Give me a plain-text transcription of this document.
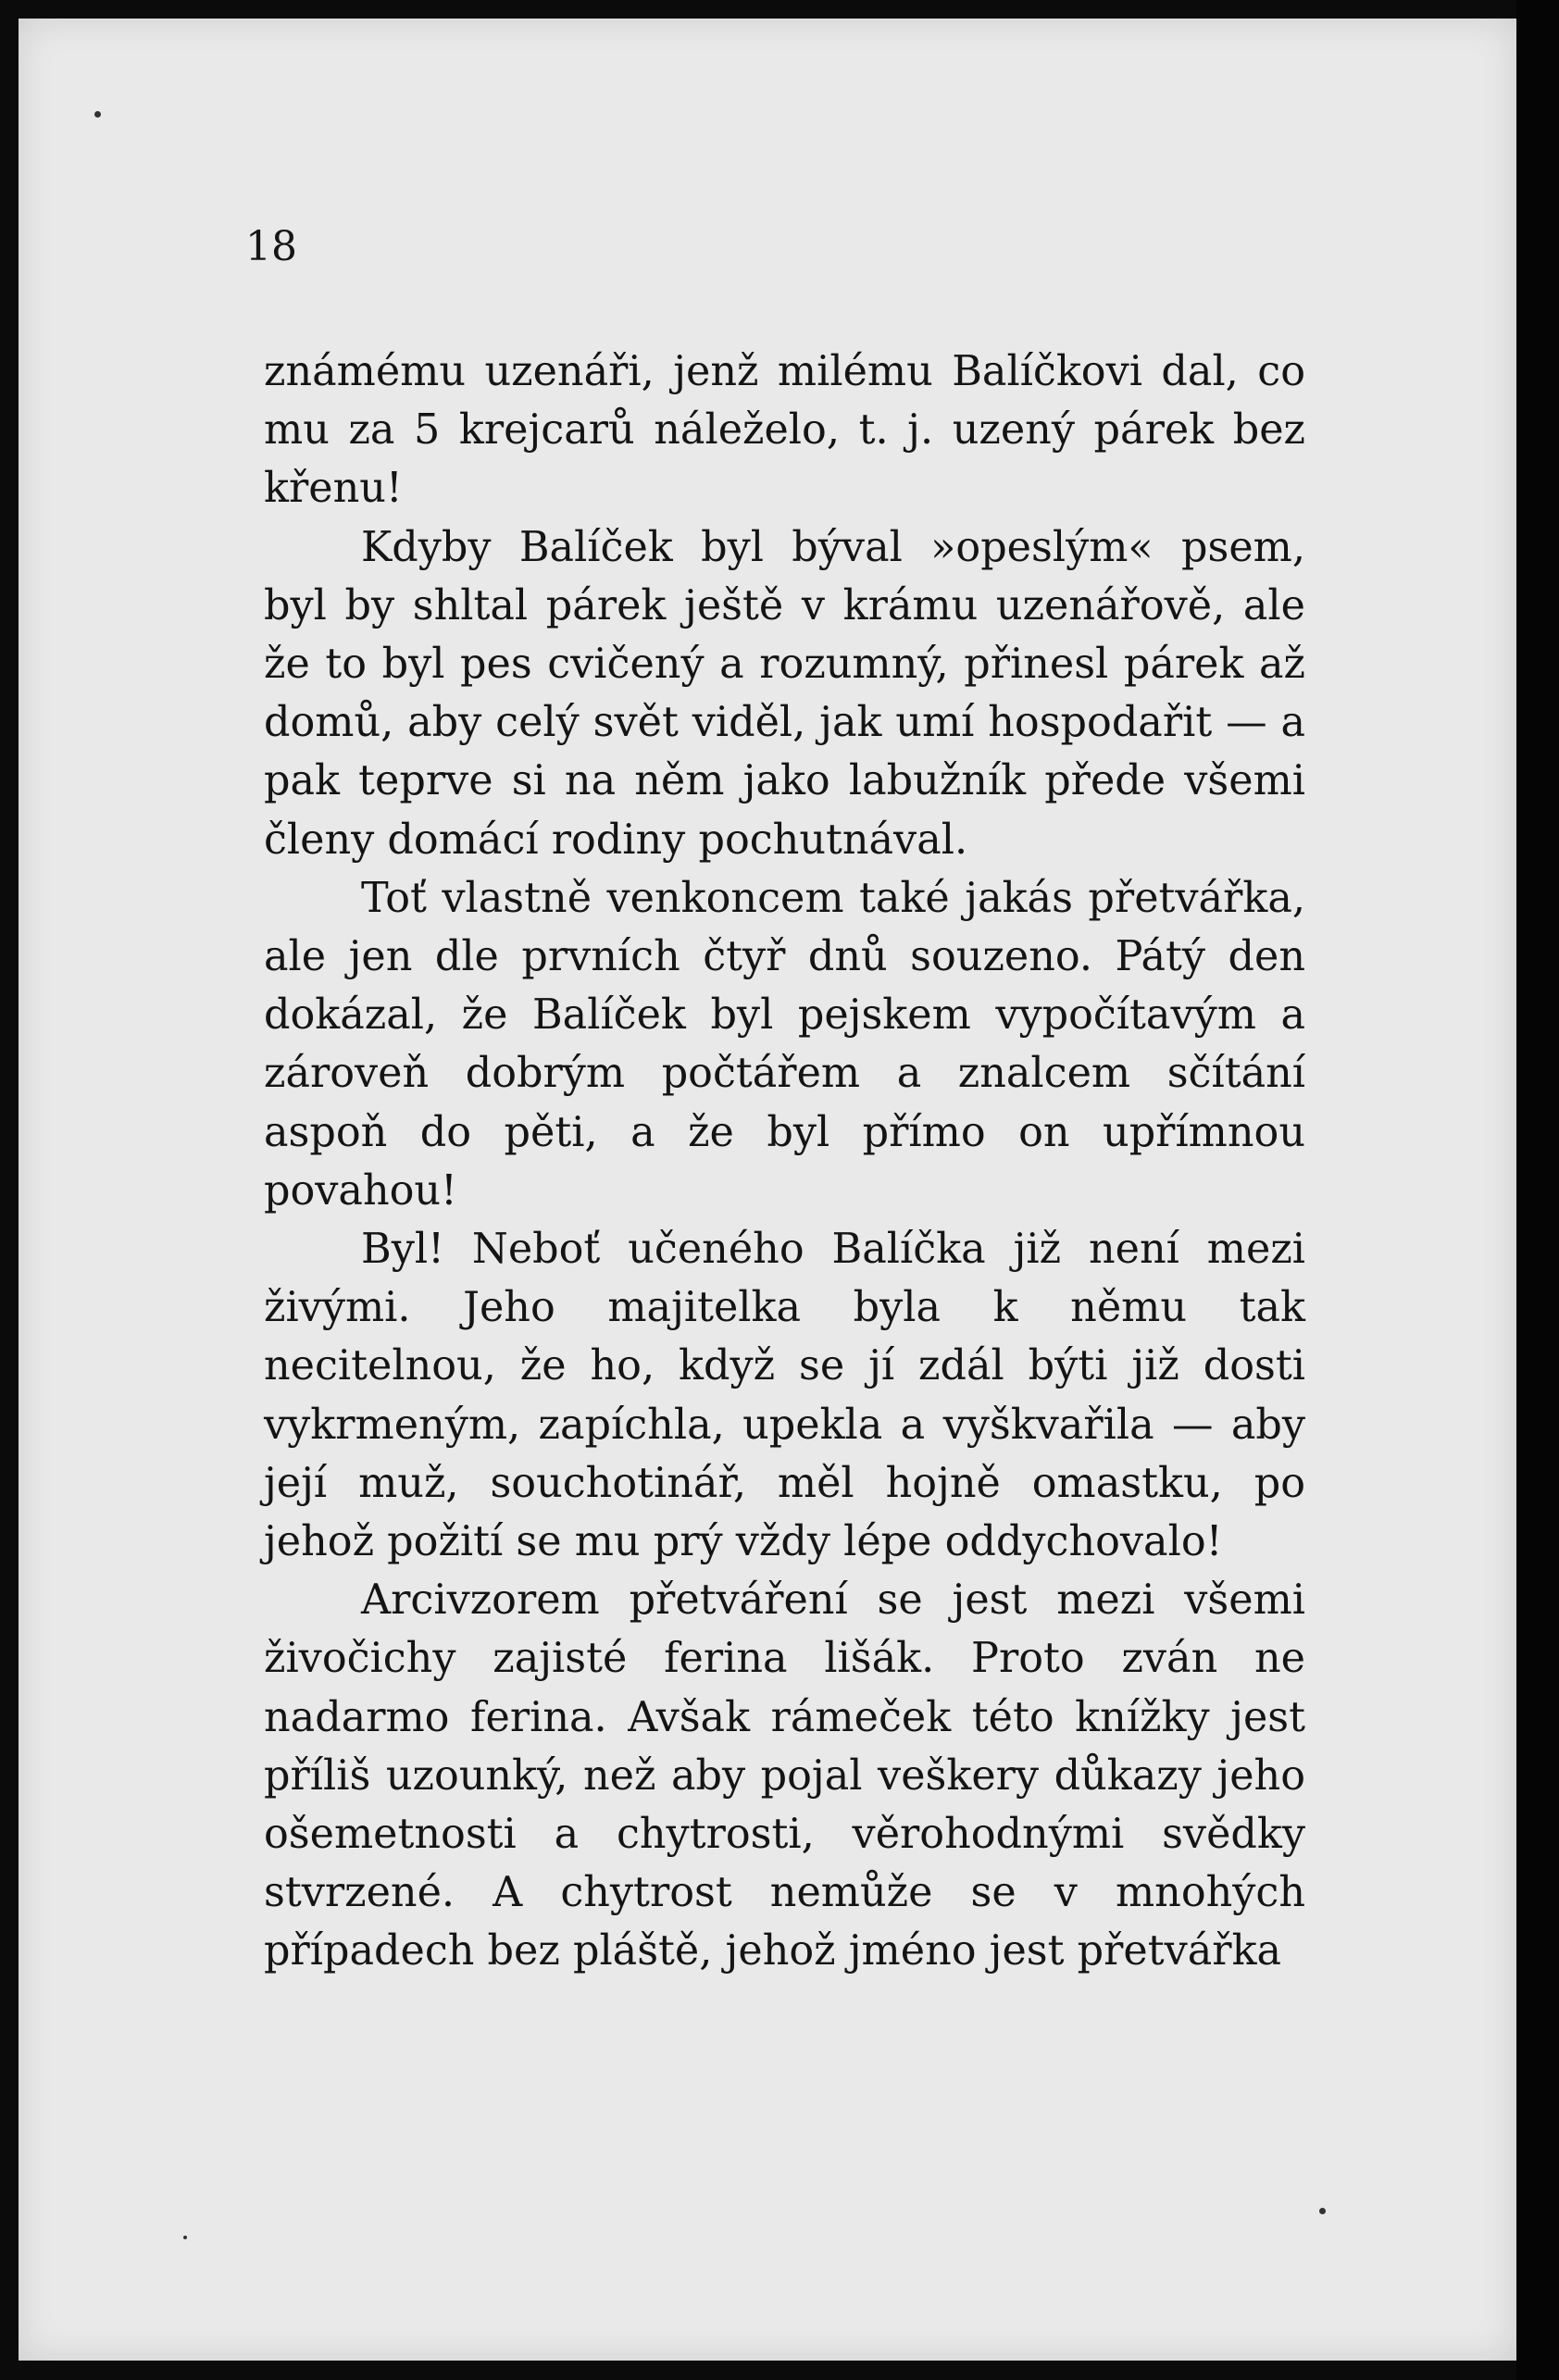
18

známému uzenáři, jenž milému Balíčkovi dal, co mu za 5 krejcarů náleželo, t. j. uzený párek bez křenu!

Kdyby Balíček byl býval »opeslým« psem, byl by shltal párek ještě v krámu uzenářově, ale že to byl pes cvičený a rozumný, přinesl párek až domů, aby celý svět viděl, jak umí hospodařit — a pak teprve si na něm jako labužník přede všemi členy domácí rodiny pochutnával.

Toť vlastně venkoncem také jakás přetvářka, ale jen dle prvních čtyř dnů souzeno. Pátý den dokázal, že Balíček byl pejskem vypočítavým a zároveň dobrým počtářem a znalcem sčítání aspoň do pěti, a že byl přímo on upřímnou povahou!

Byl! Neboť učeného Balíčka již není mezi živými. Jeho majitelka byla k němu tak necitelnou, že ho, když se jí zdál býti již dosti vykrmeným, zapíchla, upekla a vyškvařila — aby její muž, souchotinář, měl hojně omastku, po jehož požití se mu prý vždy lépe oddychovalo!

Arcivzorem přetváření se jest mezi všemi živočichy zajisté ferina lišák. Proto zván ne nadarmo ferina. Avšak rámeček této knížky jest příliš uzounký, než aby pojal veškery důkazy jeho ošemetnosti a chytrosti, věrohodnými svědky stvrzené. A chytrost nemůže se v mnohých případech bez pláště, jehož jméno jest přetvářka
